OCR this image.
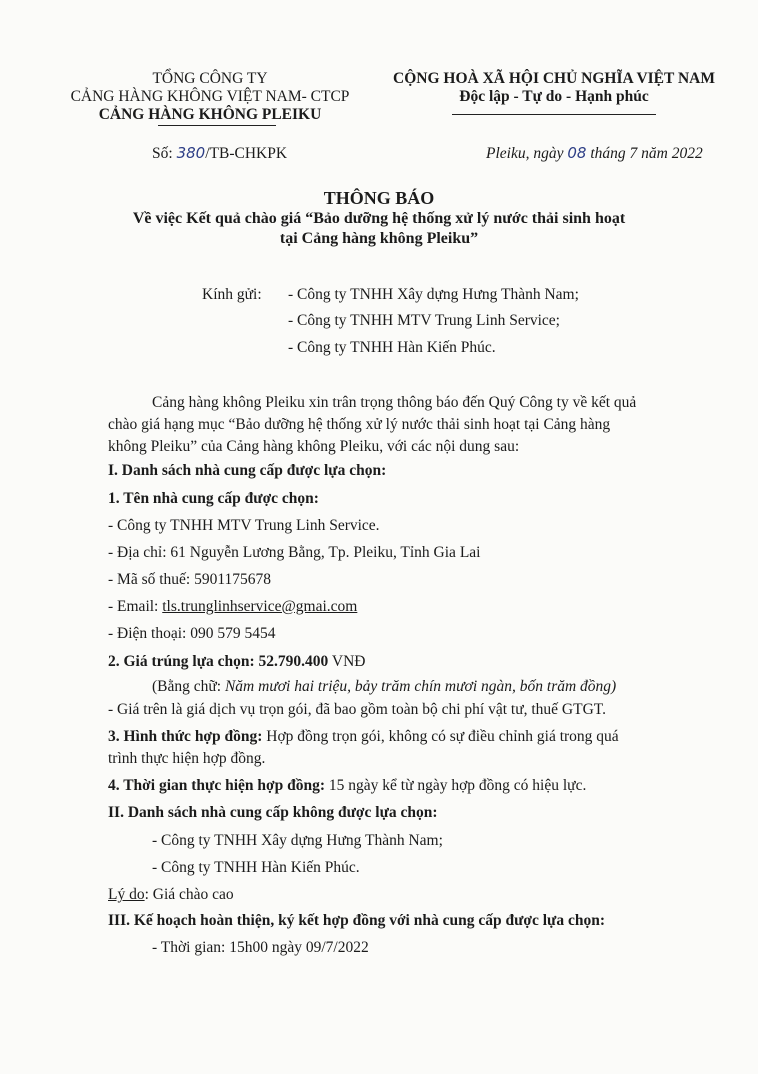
TỔNG CÔNG TY
CẢNG HÀNG KHÔNG VIỆT NAM- CTCP
CẢNG HÀNG KHÔNG PLEIKU
CỘNG HOÀ XÃ HỘI CHỦ NGHĨA VIỆT NAM
Độc lập - Tự do - Hạnh phúc
Số: 380/TB-CHKPK	Pleiku, ngày 08 tháng 7 năm 2022
THÔNG BÁO
Về việc Kết quả chào giá “Bảo dưỡng hệ thống xử lý nước thải sinh hoạt
tại Cảng hàng không Pleiku”
Kính gửi: - Công ty TNHH Xây dựng Hưng Thành Nam;
- Công ty TNHH MTV Trung Linh Service;
- Công ty TNHH Hàn Kiến Phúc.
Cảng hàng không Pleiku xin trân trọng thông báo đến Quý Công ty về kết quả
chào giá hạng mục “Bảo dưỡng hệ thống xử lý nước thải sinh hoạt tại Cảng hàng
không Pleiku” của Cảng hàng không Pleiku, với các nội dung sau:
I. Danh sách nhà cung cấp được lựa chọn:
1. Tên nhà cung cấp được chọn:
- Công ty TNHH MTV Trung Linh Service.
- Địa chỉ: 61 Nguyễn Lương Bằng, Tp. Pleiku, Tỉnh Gia Lai
- Mã số thuế: 5901175678
- Email: tls.trunglinhservice@gmai.com
- Điện thoại: 090 579 5454
2. Giá trúng lựa chọn: 52.790.400 VNĐ
(Bằng chữ: Năm mươi hai triệu, bảy trăm chín mươi ngàn, bốn trăm đồng)
- Giá trên là giá dịch vụ trọn gói, đã bao gồm toàn bộ chi phí vật tư, thuế GTGT.
3. Hình thức hợp đồng: Hợp đồng trọn gói, không có sự điều chỉnh giá trong quá
trình thực hiện hợp đồng.
4. Thời gian thực hiện hợp đồng: 15 ngày kể từ ngày hợp đồng có hiệu lực.
II. Danh sách nhà cung cấp không được lựa chọn:
- Công ty TNHH Xây dựng Hưng Thành Nam;
- Công ty TNHH Hàn Kiến Phúc.
Lý do: Giá chào cao
III. Kế hoạch hoàn thiện, ký kết hợp đồng với nhà cung cấp được lựa chọn:
- Thời gian: 15h00 ngày 09/7/2022
